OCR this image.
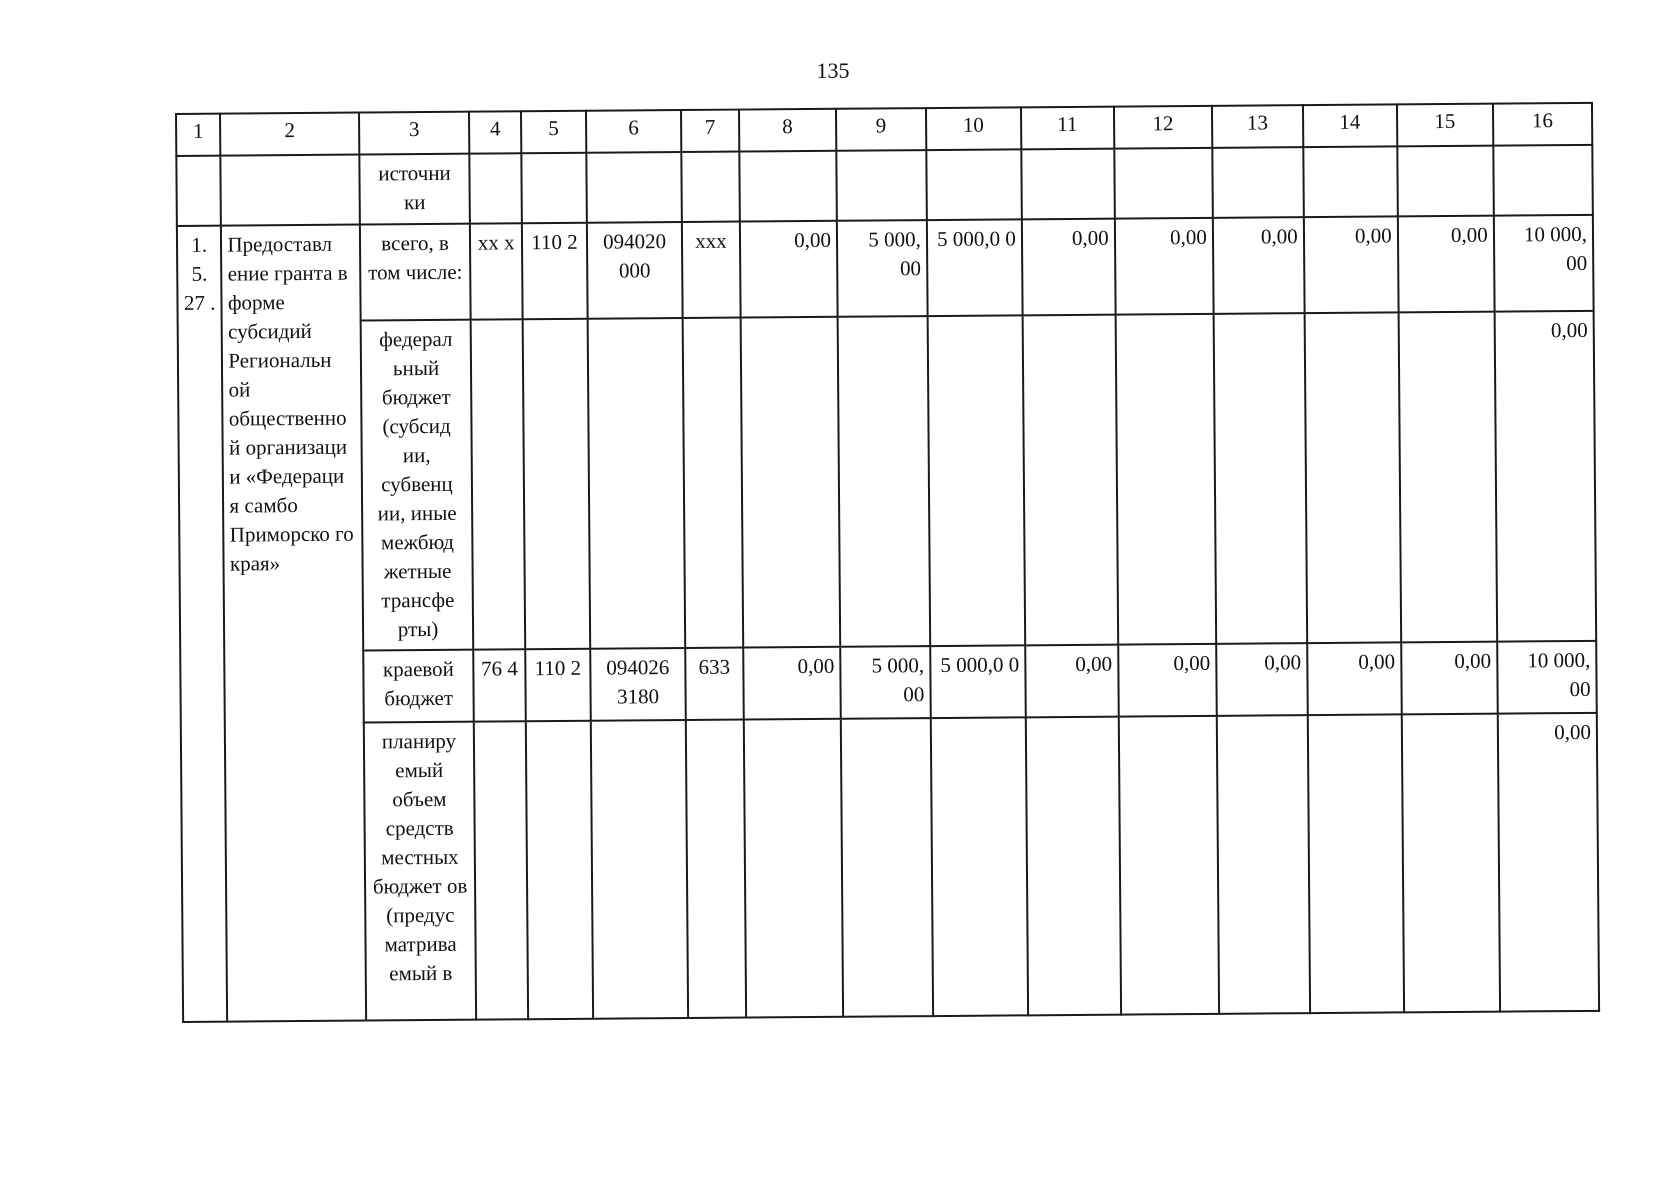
135
1	2	3	4	5	6	7	8	9	10	11	12	13	14	15	16
		источни ки													
1. 5. 27 .	Предоставл ение гранта в форме субсидий Региональн ой общественной организаци и «Федераци я самбо Приморско го края»	всего, в том числе:	хх х	110 2	094020 000	ххх	0,00	5 000, 00	5 000,0 0	0,00	0,00	0,00	0,00	0,00	10 000, 00
		федерал ьный бюджет (субсид ии, субвенц ии, иные межбюд жетные трансфе рты)													0,00
		краевой бюджет	76 4	110 2	094026 3180	633	0,00	5 000, 00	5 000,0 0	0,00	0,00	0,00	0,00	0,00	10 000, 00
		планиру емый объем средств местных бюджет ов (предус матрива емый в													0,00
